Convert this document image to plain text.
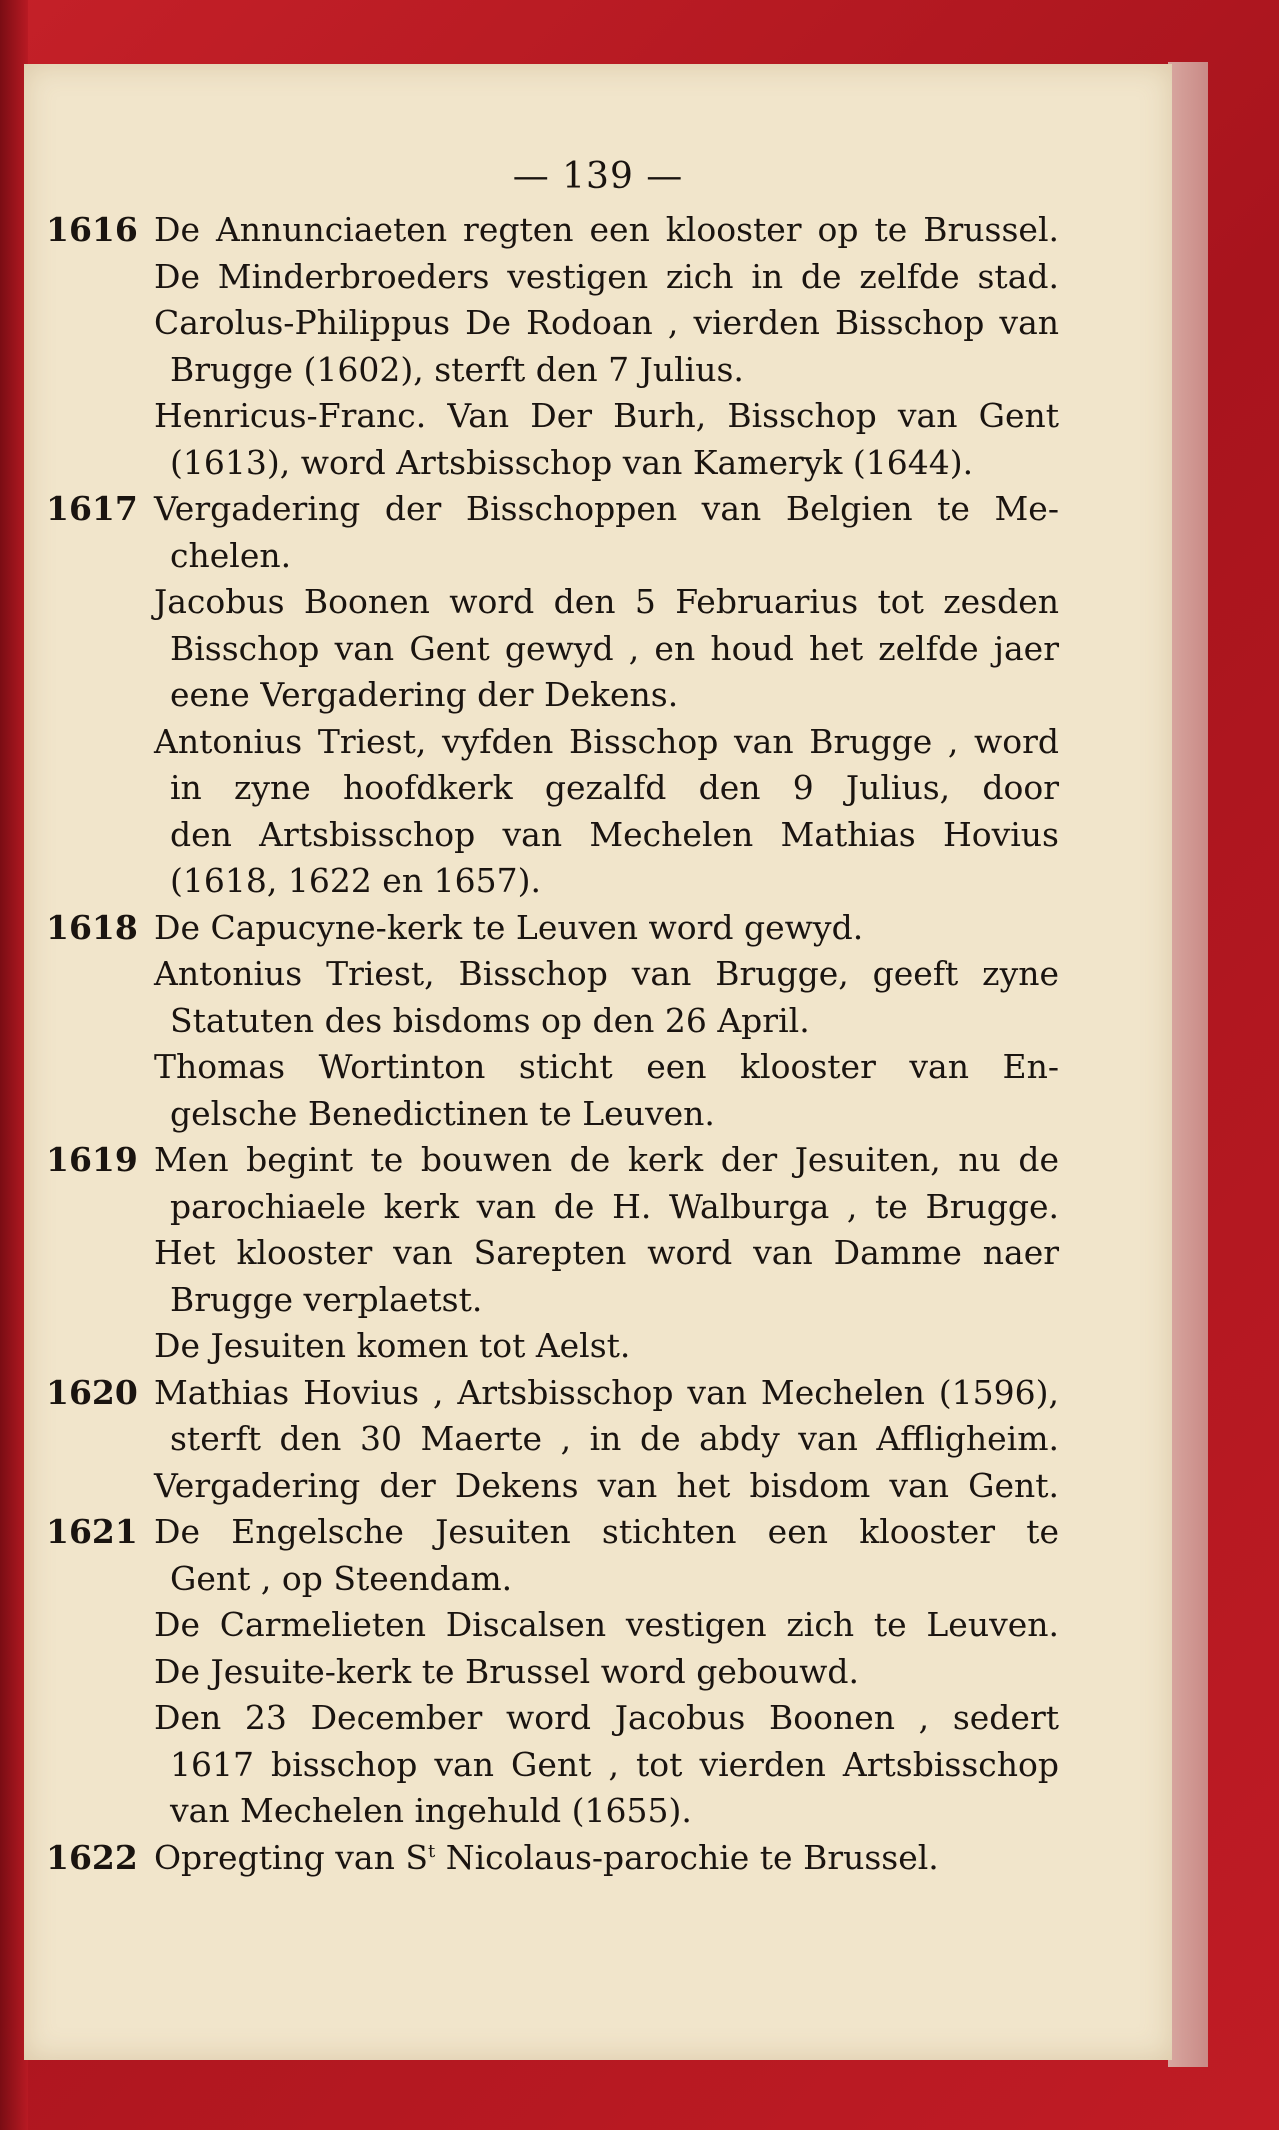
— 139 —
1616 De Annunciaeten regten een klooster op te Brussel.
De Minderbroeders vestigen zich in de zelfde stad.
Carolus-Philippus De Rodoan , vierden Bisschop van
Brugge (1602), sterft den 7 Julius.
Henricus-Franc. Van Der Burh, Bisschop van Gent
(1613), word Artsbisschop van Kameryk (1644).
1617 Vergadering der Bisschoppen van Belgien te Me-
chelen.
Jacobus Boonen word den 5 Februarius tot zesden
Bisschop van Gent gewyd , en houd het zelfde jaer
eene Vergadering der Dekens.
Antonius Triest, vyfden Bisschop van Brugge , word
in zyne hoofdkerk gezalfd den 9 Julius, door
den Artsbisschop van Mechelen Mathias Hovius
(1618, 1622 en 1657).
1618 De Capucyne-kerk te Leuven word gewyd.
Antonius Triest, Bisschop van Brugge, geeft zyne
Statuten des bisdoms op den 26 April.
Thomas Wortinton sticht een klooster van En-
gelsche Benedictinen te Leuven.
1619 Men begint te bouwen de kerk der Jesuiten, nu de
parochiaele kerk van de H. Walburga , te Brugge.
Het klooster van Sarepten word van Damme naer
Brugge verplaetst.
De Jesuiten komen tot Aelst.
1620 Mathias Hovius , Artsbisschop van Mechelen (1596),
sterft den 30 Maerte , in de abdy van Affligheim.
Vergadering der Dekens van het bisdom van Gent.
1621 De Engelsche Jesuiten stichten een klooster te
Gent , op Steendam.
De Carmelieten Discalsen vestigen zich te Leuven.
De Jesuite-kerk te Brussel word gebouwd.
Den 23 December word Jacobus Boonen , sedert
1617 bisschop van Gent , tot vierden Artsbisschop
van Mechelen ingehuld (1655).
1622 Opregting van $S^t$ Nicolaus-parochie te Brussel.
